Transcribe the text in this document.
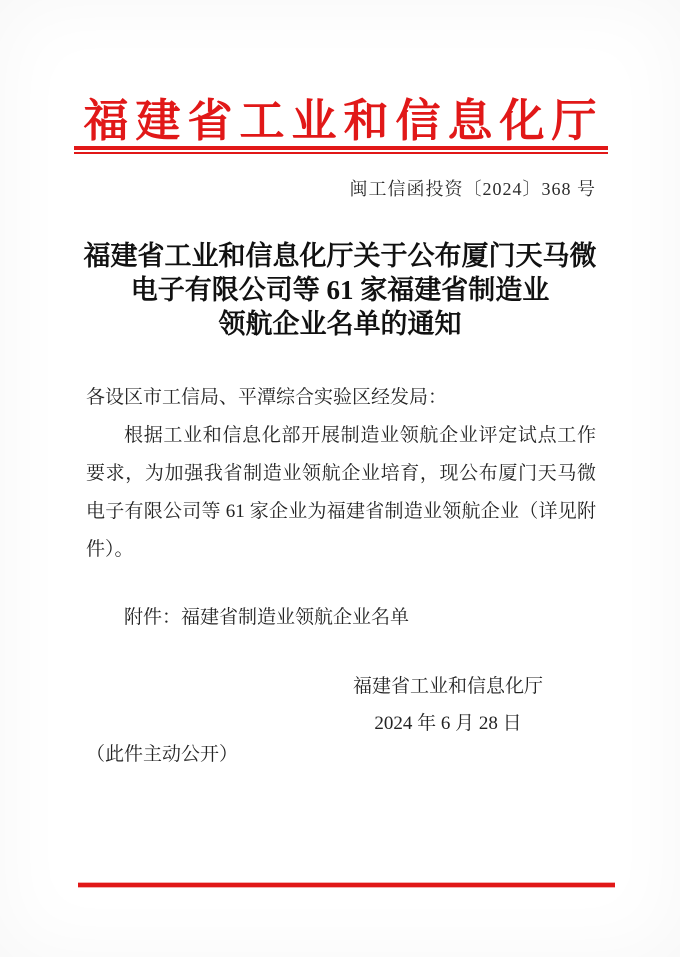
福建省工业和信息化厅
闽工信函投资〔2024〕368 号
福建省工业和信息化厅关于公布厦门天马微
电子有限公司等 61 家福建省制造业
领航企业名单的通知

各设区市工信局、平潭综合实验区经发局：

根据工业和信息化部开展制造业领航企业评定试点工作要求，为加强我省制造业领航企业培育，现公布厦门天马微电子有限公司等 61 家企业为福建省制造业领航企业（详见附件）。

附件：福建省制造业领航企业名单

福建省工业和信息化厅
2024 年 6 月 28 日

（此件主动公开）
